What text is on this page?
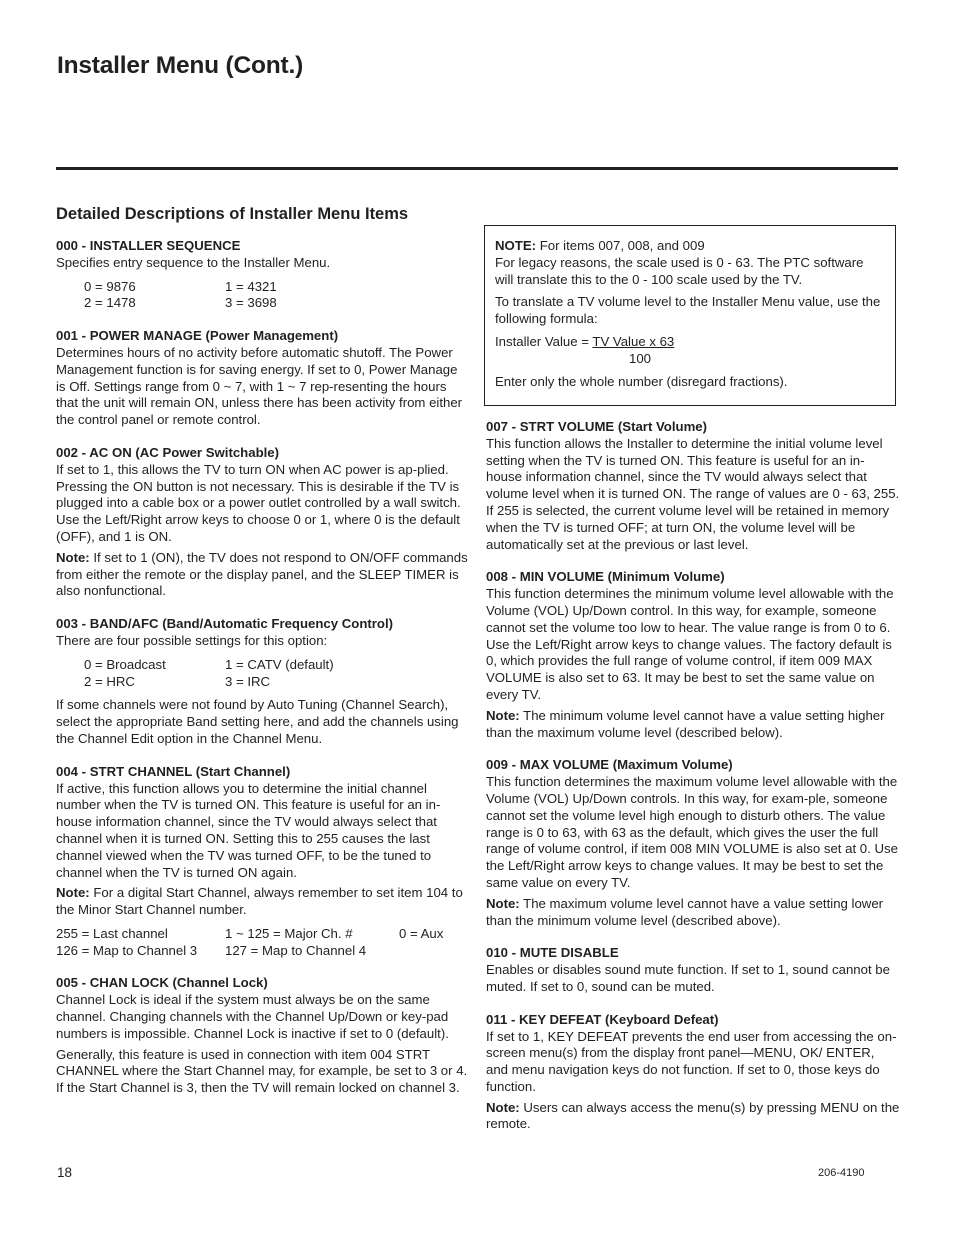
Installer Menu (Cont.)
Detailed Descriptions of Installer Menu Items
000 - INSTALLER SEQUENCE

Specifies entry sequence to the Installer Menu.

0 = 9876	1 = 4321
2 = 1478	3 = 3698
001 - POWER MANAGE (Power Management)

Determines hours of no activity before automatic shutoff. The Power Management function is for saving energy. If set to 0, Power Manage is Off. Settings range from 0 ~ 7, with 1 ~ 7 rep-resenting the hours that the unit will remain ON, unless there has been activity from either the control panel or remote control.

002 - AC ON (AC Power Switchable)

If set to 1, this allows the TV to turn ON when AC power is ap-plied. Pressing the ON button is not necessary. This is desirable if the TV is plugged into a cable box or a power outlet controlled by a wall switch. Use the Left/Right arrow keys to choose 0 or 1, where 0 is the default (OFF), and 1 is ON.

Note: If set to 1 (ON), the TV does not respond to ON/OFF commands from either the remote or the display panel, and the SLEEP TIMER is also nonfunctional.

003 - BAND/AFC (Band/Automatic Frequency Control)

There are four possible settings for this option:

0 = Broadcast	1 = CATV (default)
2 = HRC	3 = IRC

If some channels were not found by Auto Tuning (Channel Search), select the appropriate Band setting here, and add the channels using the Channel Edit option in the Channel Menu.

004 - STRT CHANNEL (Start Channel)

If active, this function allows you to determine the initial channel number when the TV is turned ON. This feature is useful for an in-house information channel, since the TV would always select that channel when it is turned ON. Setting this to 255 causes the last channel viewed when the TV was turned OFF, to be the tuned to channel when the TV is turned ON again.

Note: For a digital Start Channel, always remember to set item 104 to the Minor Start Channel number.

255 = Last channel	1 ~ 125 = Major Ch. #	0 = Aux
126 = Map to Channel 3	127 = Map to Channel 4	
005 - CHAN LOCK (Channel Lock)

Channel Lock is ideal if the system must always be on the same channel. Changing channels with the Channel Up/Down or key-pad numbers is impossible. Channel Lock is inactive if set to 0 (default).

Generally, this feature is used in connection with item 004 STRT CHANNEL where the Start Channel may, for example, be set to 3 or 4. If the Start Channel is 3, then the TV will remain locked on channel 3.

NOTE: For items 007, 008, and 009
For legacy reasons, the scale used is 0 - 63. The PTC software will translate this to the 0 - 100 scale used by the TV.

To translate a TV volume level to the Installer Menu value, use the following formula:

Installer Value = TV Value x 63
100

Enter only the whole number (disregard fractions).

007 - STRT VOLUME (Start Volume)

This function allows the Installer to determine the initial volume level setting when the TV is turned ON. This feature is useful for an in-house information channel, since the TV would always select that volume level when it is turned ON. The range of values are 0 - 63, 255. If 255 is selected, the current volume level will be retained in memory when the TV is turned OFF; at turn ON, the volume level will be automatically set at the previous or last level.

008 - MIN VOLUME (Minimum Volume)

This function determines the minimum volume level allowable with the Volume (VOL) Up/Down control. In this way, for example, someone cannot set the volume too low to hear. The value range is from 0 to 6. Use the Left/Right arrow keys to change values. The factory default is 0, which provides the full range of volume control, if item 009 MAX VOLUME is also set to 63. It may be best to set the same value on every TV.

Note: The minimum volume level cannot have a value setting higher than the maximum volume level (described below).

009 - MAX VOLUME (Maximum Volume)

This function determines the maximum volume level allowable with the Volume (VOL) Up/Down controls. In this way, for exam-ple, someone cannot set the volume level high enough to disturb others. The value range is 0 to 63, with 63 as the default, which gives the user the full range of volume control, if item 008 MIN VOLUME is also set at 0. Use the Left/Right arrow keys to change values. It may be best to set the same value on every TV.

Note: The maximum volume level cannot have a value setting lower than the minimum volume level (described above).

010 - MUTE DISABLE

Enables or disables sound mute function. If set to 1, sound cannot be muted. If set to 0, sound can be muted.

011 - KEY DEFEAT (Keyboard Defeat)

If set to 1, KEY DEFEAT prevents the end user from accessing the on-screen menu(s) from the display front panel—MENU, OK/ ENTER, and menu navigation keys do not function. If set to 0, those keys do function.

Note: Users can always access the menu(s) by pressing MENU on the remote.

18	206-4190
